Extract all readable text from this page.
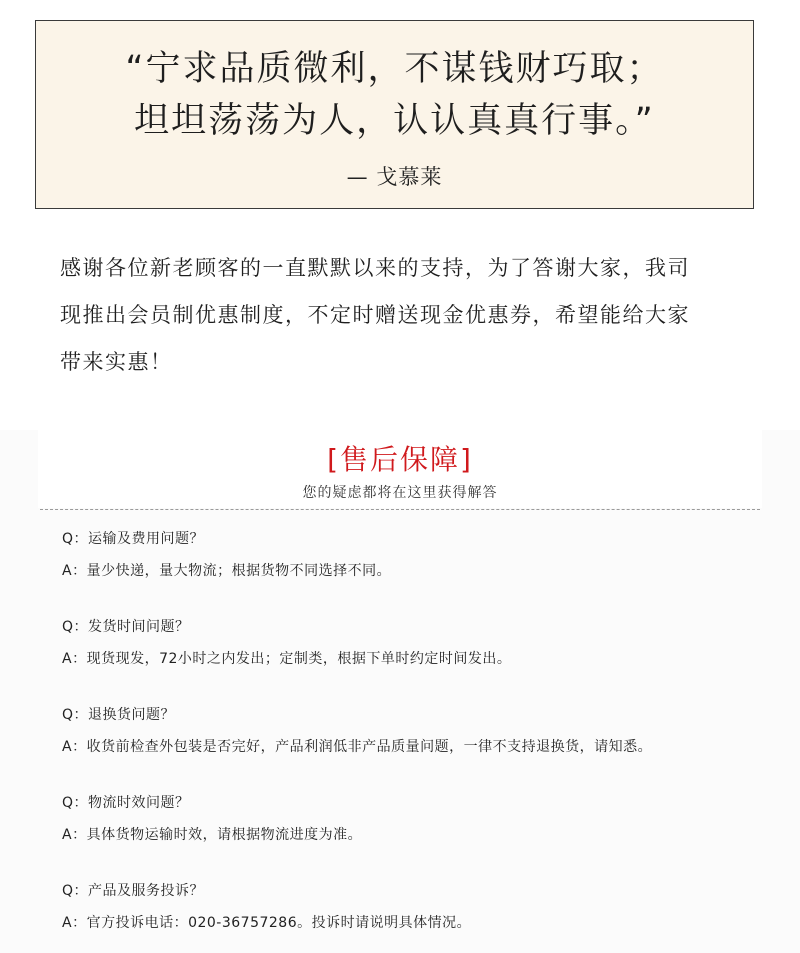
“宁求品质微利，不谋钱财巧取；
坦坦荡荡为人，认认真真行事。”
— 戈慕莱
感谢各位新老顾客的一直默默以来的支持，为了答谢大家，我司
现推出会员制优惠制度，不定时赠送现金优惠券，希望能给大家
带来实惠！
[售后保障]
您的疑虑都将在这里获得解答
Q：运输及费用问题？
A：量少快递，量大物流；根据货物不同选择不同。
Q：发货时间问题？
A：现货现发，72小时之内发出；定制类，根据下单时约定时间发出。
Q：退换货问题？
A：收货前检查外包装是否完好，产品利润低非产品质量问题，一律不支持退换货，请知悉。
Q：物流时效问题？
A：具体货物运输时效，请根据物流进度为准。
Q：产品及服务投诉？
A：官方投诉电话：020-36757286。投诉时请说明具体情况。
